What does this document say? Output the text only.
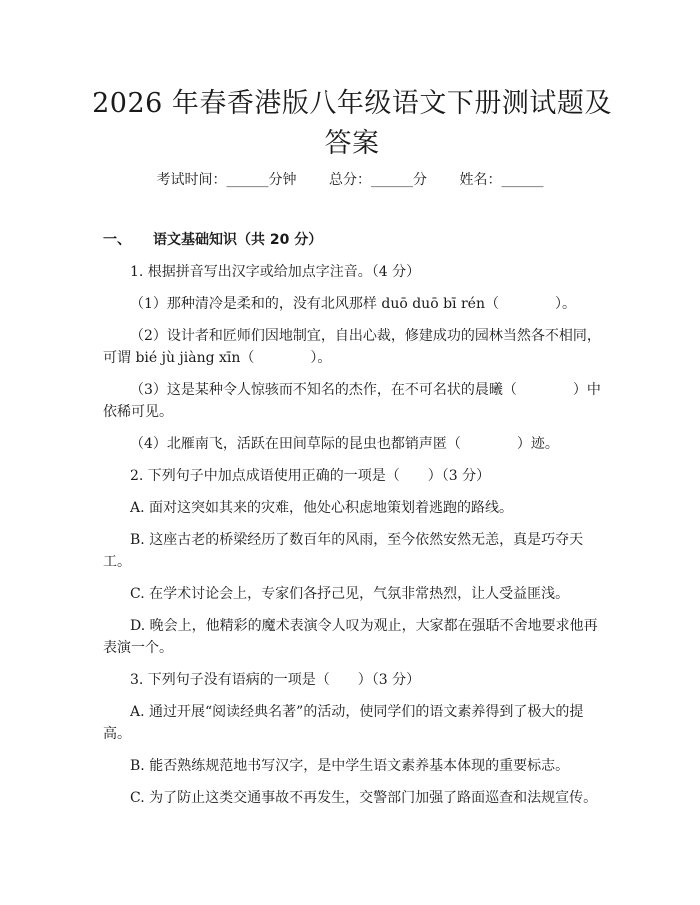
2026 年春香港版八年级语文下册测试题及答案
考试时间：______分钟 总分：______分 姓名：______
一、 语文基础知识（共 20 分）
1. 根据拼音写出汉字或给加点字注音。（4 分）
（1）那种清冷是柔和的，没有北风那样 duō duō bī rén（　　　　）。
（2）设计者和匠师们因地制宜，自出心裁，修建成功的园林当然各不相同，
可谓 bié jù jiàng xīn（　　　　）。
（3）这是某种令人惊骇而不知名的杰作，在不可名状的晨曦（　　　　）中
依稀可见。
（4）北雁南飞，活跃在田间草际的昆虫也都销声匿（　　　　）迹。
2. 下列句子中加点成语使用正确的一项是（　　）（3 分）
A. 面对这突如其来的灾难，他处心积虑地策划着逃跑的路线。
B. 这座古老的桥梁经历了数百年的风雨，至今依然安然无恙，真是巧夺天
工。
C. 在学术讨论会上，专家们各抒己见，气氛非常热烈，让人受益匪浅。
D. 晚会上，他精彩的魔术表演令人叹为观止，大家都在强聒不舍地要求他再
表演一个。
3. 下列句子没有语病的一项是（　　）（3 分）
A. 通过开展“阅读经典名著”的活动，使同学们的语文素养得到了极大的提
高。
B. 能否熟练规范地书写汉字，是中学生语文素养基本体现的重要标志。
C. 为了防止这类交通事故不再发生，交警部门加强了路面巡查和法规宣传。
